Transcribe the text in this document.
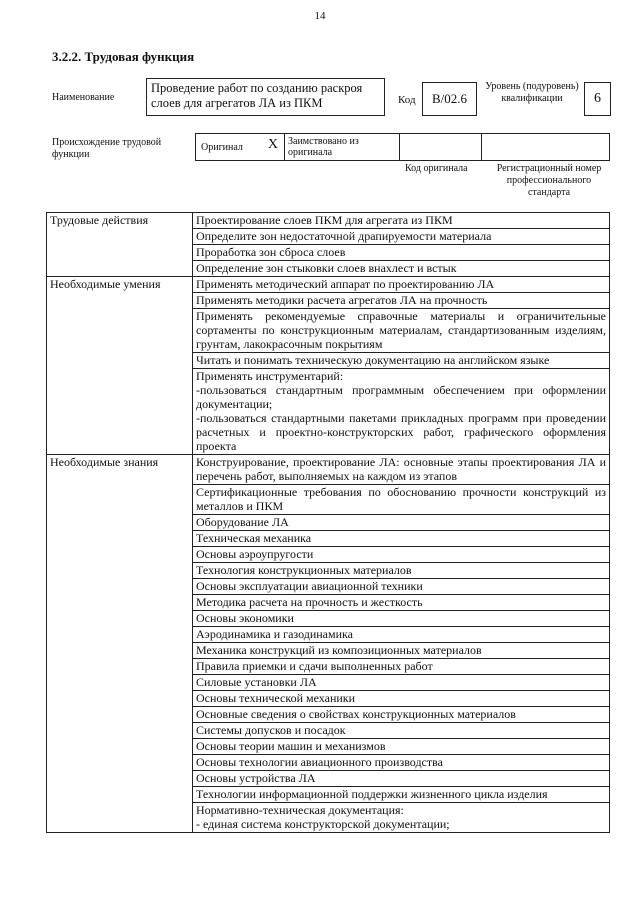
14
3.2.2. Трудовая функция
Наименование
Проведение работ по созданию раскроя слоев для агрегатов ЛА из ПКМ	Код	B/02.6
Уровень (подуровень) квалификации	6
Происхождение трудовой функции
Оригинал X	Заимствовано из оригинала
Код оригинала	Регистрационный номер профессионального стандарта
Трудовые действия	Проектирование слоев ПКМ для агрегата из ПКМ
	Определите зон недостаточной драпируемости материала
	Проработка зон сброса слоев
	Определение зон стыковки слоев внахлест и встык
Необходимые умения	Применять методический аппарат по проектированию ЛА
	Применять методики расчета агрегатов ЛА на прочность
	Применять рекомендуемые справочные материалы и ограничительные сортаменты по конструкционным материалам, стандартизованным изделиям, грунтам, лакокрасочным покрытиям
	Читать и понимать техническую документацию на английском языке
	Применять инструментарий:
-пользоваться стандартным программным обеспечением при оформлении документации;
-пользоваться стандартными пакетами прикладных программ при проведении расчетных и проектно-конструкторских работ, графического оформления проекта
Необходимые знания	Конструирование, проектирование ЛА: основные этапы проектирования ЛА и перечень работ, выполняемых на каждом из этапов
	Сертификационные требования по обоснованию прочности конструкций из металлов и ПКМ
	Оборудование ЛА
	Техническая механика
	Основы аэроупругости
	Технология конструкционных материалов
	Основы эксплуатации авиационной техники
	Методика расчета на прочность и жесткость
	Основы экономики
	Аэродинамика и газодинамика
	Механика конструкций из композиционных материалов
	Правила приемки и сдачи выполненных работ
	Силовые установки ЛА
	Основы технической механики
	Основные сведения о свойствах конструкционных материалов
	Системы допусков и посадок
	Основы теории машин и механизмов
	Основы технологии авиационного производства
	Основы устройства ЛА
	Технологии информационной поддержки жизненного цикла изделия
	Нормативно-техническая документация:
- единая система конструкторской документации;
